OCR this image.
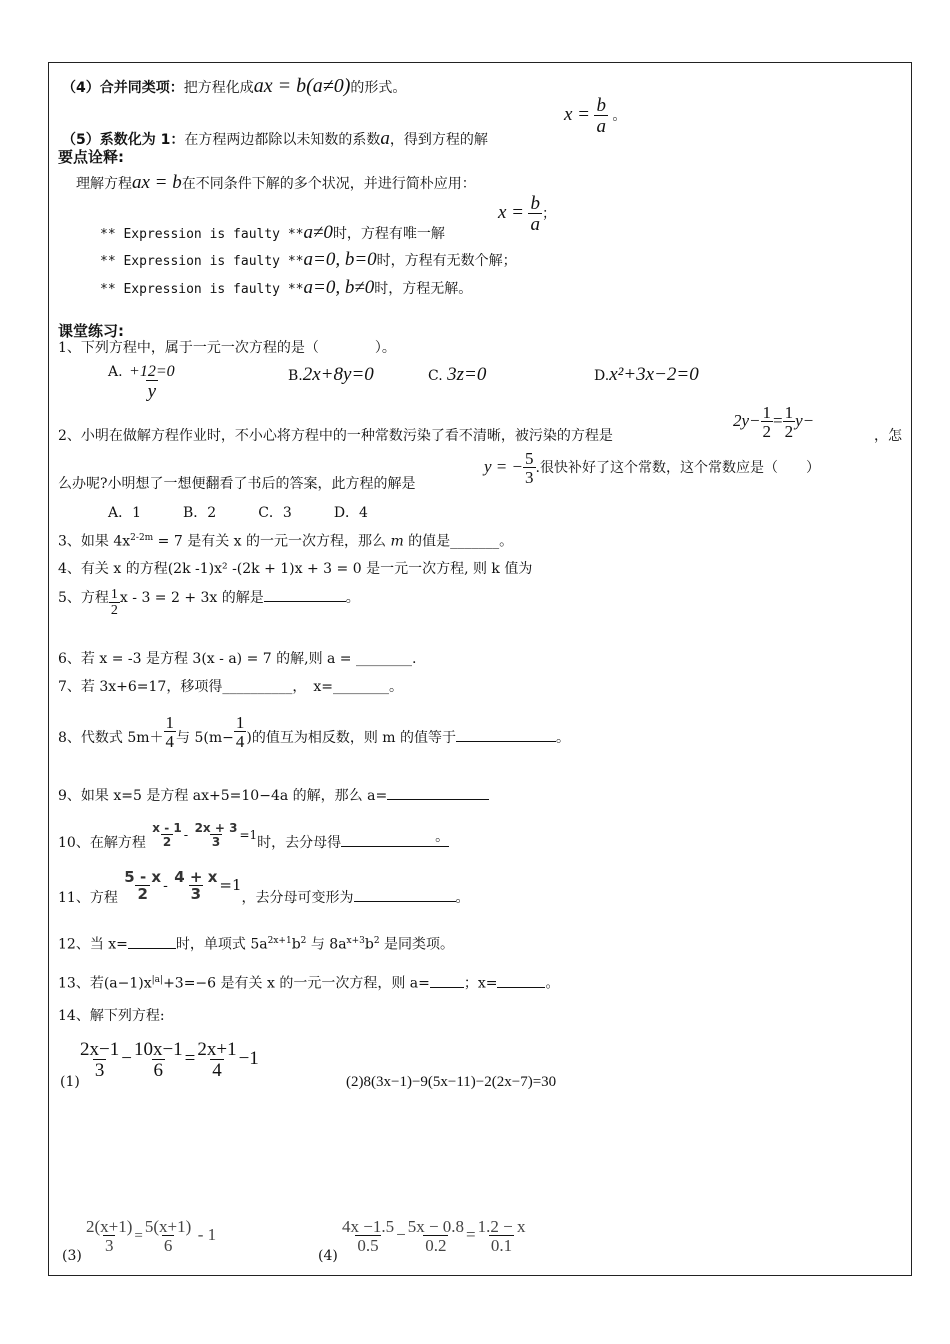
（4）合并同类项：把方程化成ax = b(a≠0)的形式。
（5）系数化为 1：在方程两边都除以未知数的系数a，得到方程的解
$x = \frac{b}{a}$ 。
要点诠释:
理解方程ax = b在不同条件下解的多个状况，并进行简朴应用：
$x = \frac{b}{a}$ ；
** Expression is faulty **a≠0时，方程有唯一解
** Expression is faulty **a=0, b=0时，方程有无数个解；
** Expression is faulty **a=0, b≠0时，方程无解。
课堂练习:
1、下列方程中，属于一元一次方程的是（　　　　）。
A. $\frac{+12=0}{y}$	B.2x+8y=0	C. 3z=0	D.x²+3x−2=0
2、小明在做解方程作业时，不小心将方程中的一种常数污染了看不清晰，被污染的方程是
$2y- \frac{1}{2} = \frac{1}{2} y-$
，怎
么办呢?小明想了一想便翻看了书后的答案，此方程的解是
y = − $\frac{5}{3}$ .很快补好了这个常数，这个常数应是（　　）
A．1　　　B．2　　　C．3　　　D．4
3、如果 $4x^{2-2m} = 7$ 是有关 x 的一元一次方程，那么 m 的值是_______。
4、有关 x 的方程(2k -1)x² -(2k + 1)x + 3 = 0 是一元一次方程, 则 k 值为
5、方程 $\frac{1}{2}$ x - 3 = 2 + 3x 的解是	。
6、若 x = -3 是方程 3(x - a) = 7 的解,则 a = ________.
7、若 3x+6=17，移项得__________，　x=________。
8、代数式 $5m+ \frac{1}{4}$ 与 $5(m- \frac{1}{4}$ )的值互为相反数，则 m 的值等于	。
9、如果 x=5 是方程 ax+5=10−4a 的解，那么 a=
10、在解方程 $\frac{x - 1}{2} - \frac{2x + 3}{3} =1$时，去分母得	。
11、方程 $\frac{5 - x}{2} - \frac{4 + x}{3} =1$，去分母可变形为	。
12、当 x=	时，单项式 $5a^{2x+1}b^2$ 与 $8a^{x+3}b^2$ 是同类项。
13、若$(a-1)x^{|a|}+3=-6$ 是有关 x 的一元一次方程，则 a= ；x=	。
14、解下列方程:
(1)
$\frac{2x-1}{3} - \frac{10x-1}{6} = \frac{2x+1}{4} -1$
(2)8(3x−1)−9(5x−11)−2(2x−7)=30
(3)
$\frac{2(x+1)}{3} = \frac{5(x+1)}{6} - 1$
(4)
$\frac{4x -1.5}{0.5} - \frac{5x - 0.8}{0.2} = \frac{1.2 - x}{0.1}$
